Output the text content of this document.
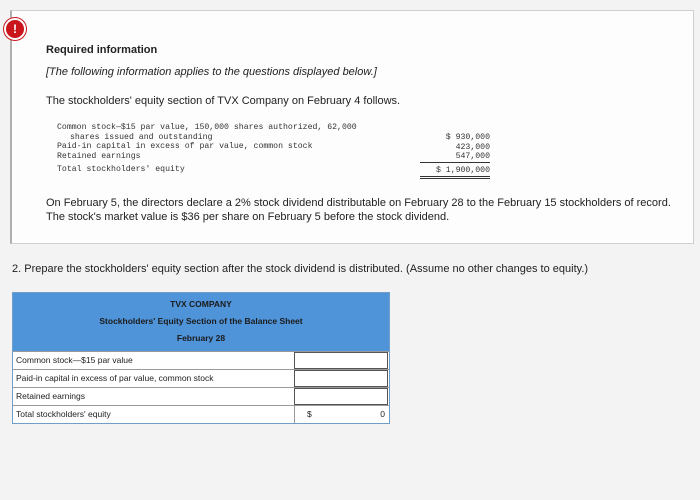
!
Required information
[The following information applies to the questions displayed below.]
The stockholders' equity section of TVX Company on February 4 follows.
Common stock—$15 par value, 150,000 shares authorized, 62,000
shares issued and outstanding
Paid-in capital in excess of par value, common stock
Retained earnings
Total stockholders' equity
$ 930,000
423,000
547,000
$ 1,900,000
On February 5, the directors declare a 2% stock dividend distributable on February 28 to the February 15 stockholders of record. The stock's market value is $36 per share on February 5 before the stock dividend.
2. Prepare the stockholders' equity section after the stock dividend is distributed. (Assume no other changes to equity.)
TVX COMPANY
Stockholders' Equity Section of the Balance Sheet
February 28
Common stock—$15 par value
Paid-in capital in excess of par value, common stock
Retained earnings
Total stockholders' equity	$	0
